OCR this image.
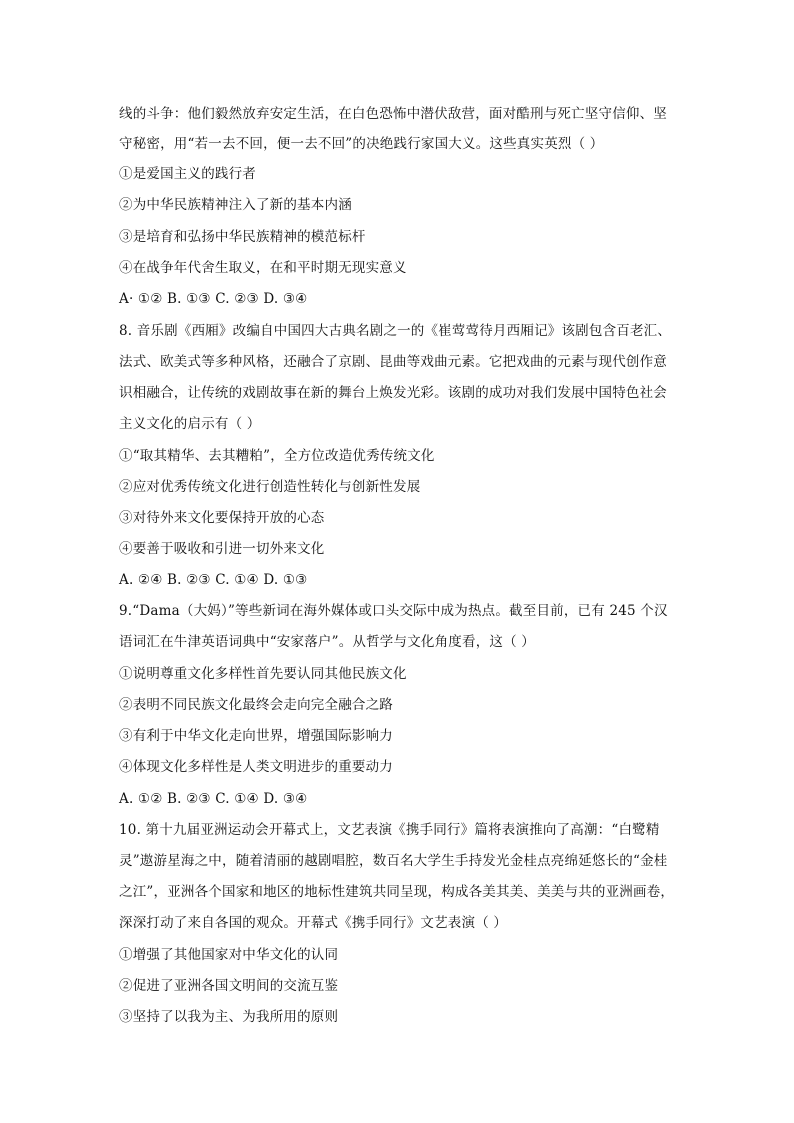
线的斗争：他们毅然放弃安定生活，在白色恐怖中潜伏敌营，面对酷刑与死亡坚守信仰、坚
守秘密，用“若一去不回，便一去不回”的决绝践行家国大义。这些真实英烈（ ）
①是爱国主义的践行者
②为中华民族精神注入了新的基本内涵
③是培育和弘扬中华民族精神的模范标杆
④在战争年代舍生取义，在和平时期无现实意义
A· ①② B. ①③ C. ②③ D. ③④
8. 音乐剧《西厢》改编自中国四大古典名剧之一的《崔莺莺待月西厢记》该剧包含百老汇、
法式、欧美式等多种风格，还融合了京剧、昆曲等戏曲元素。它把戏曲的元素与现代创作意
识相融合，让传统的戏剧故事在新的舞台上焕发光彩。该剧的成功对我们发展中国特色社会
主义文化的启示有（ ）
①“取其精华、去其糟粕”，全方位改造优秀传统文化
②应对优秀传统文化进行创造性转化与创新性发展
③对待外来文化要保持开放的心态
④要善于吸收和引进一切外来文化
A. ②④ B. ②③ C. ①④ D. ①③
9.“Dama（大妈）”等些新词在海外媒体或口头交际中成为热点。截至目前，已有 245 个汉
语词汇在牛津英语词典中“安家落户”。从哲学与文化角度看，这（ ）
①说明尊重文化多样性首先要认同其他民族文化
②表明不同民族文化最终会走向完全融合之路
③有利于中华文化走向世界，增强国际影响力
④体现文化多样性是人类文明进步的重要动力
A. ①② B. ②③ C. ①④ D. ③④
10. 第十九届亚洲运动会开幕式上，文艺表演《携手同行》篇将表演推向了高潮：“白鹭精
灵”遨游星海之中，随着清丽的越剧唱腔，数百名大学生手持发光金桂点亮绵延悠长的“金桂
之江”，亚洲各个国家和地区的地标性建筑共同呈现，构成各美其美、美美与共的亚洲画卷，
深深打动了来自各国的观众。开幕式《携手同行》文艺表演（ ）
①增强了其他国家对中华文化的认同
②促进了亚洲各国文明间的交流互鉴
③坚持了以我为主、为我所用的原则
